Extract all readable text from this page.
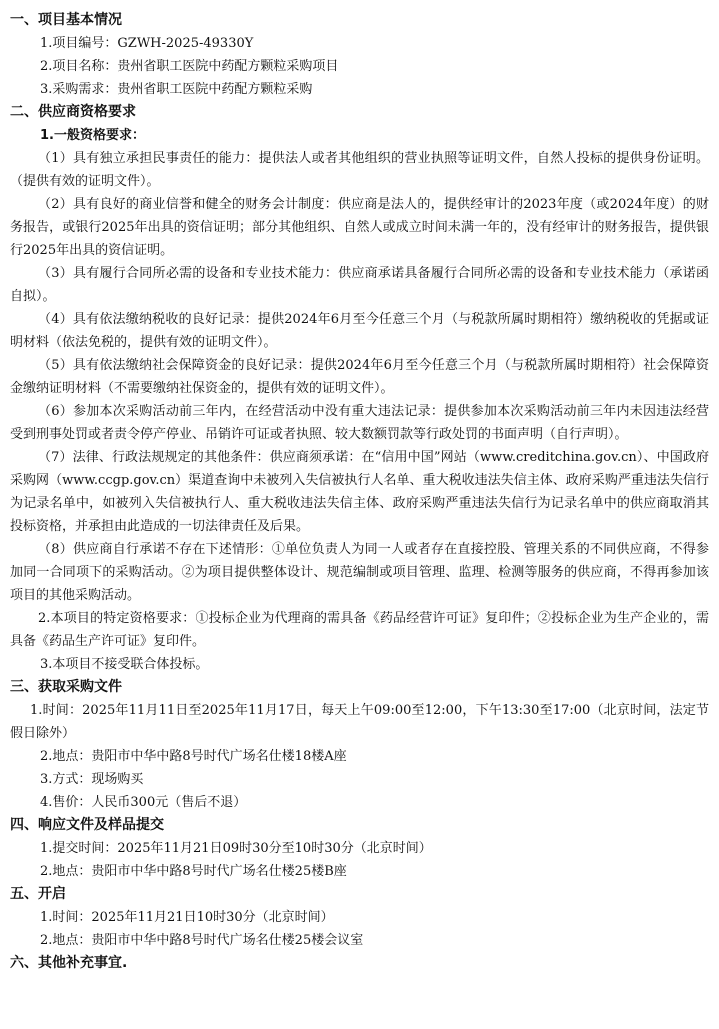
一、项目基本情况
1.项目编号：GZWH-2025-49330Y
2.项目名称：贵州省职工医院中药配方颗粒采购项目
3.采购需求：贵州省职工医院中药配方颗粒采购
二、供应商资格要求
1.一般资格要求：

（1）具有独立承担民事责任的能力：提供法人或者其他组织的营业执照等证明文件，自然人投标的提供身份证明。（提供有效的证明文件）。

（2）具有良好的商业信誉和健全的财务会计制度：供应商是法人的，提供经审计的2023年度（或2024年度）的财务报告，或银行2025年出具的资信证明；部分其他组织、自然人或成立时间未满一年的，没有经审计的财务报告，提供银行2025年出具的资信证明。

（3）具有履行合同所必需的设备和专业技术能力：供应商承诺具备履行合同所必需的设备和专业技术能力（承诺函自拟）。

（4）具有依法缴纳税收的良好记录：提供2024年6月至今任意三个月（与税款所属时期相符）缴纳税收的凭据或证明材料（依法免税的，提供有效的证明文件）。

（5）具有依法缴纳社会保障资金的良好记录：提供2024年6月至今任意三个月（与税款所属时期相符）社会保障资金缴纳证明材料（不需要缴纳社保资金的，提供有效的证明文件）。

（6）参加本次采购活动前三年内，在经营活动中没有重大违法记录：提供参加本次采购活动前三年内未因违法经营受到刑事处罚或者责令停产停业、吊销许可证或者执照、较大数额罚款等行政处罚的书面声明（自行声明）。

（7）法律、行政法规规定的其他条件：供应商须承诺：在“信用中国”网站（www.creditchina.gov.cn）、中国政府采购网（www.ccgp.gov.cn）渠道查询中未被列入失信被执行人名单、重大税收违法失信主体、政府采购严重违法失信行为记录名单中，如被列入失信被执行人、重大税收违法失信主体、政府采购严重违法失信行为记录名单中的供应商取消其投标资格，并承担由此造成的一切法律责任及后果。

（8）供应商自行承诺不存在下述情形：①单位负责人为同一人或者存在直接控股、管理关系的不同供应商，不得参加同一合同项下的采购活动。②为项目提供整体设计、规范编制或项目管理、监理、检测等服务的供应商，不得再参加该项目的其他采购活动。

2.本项目的特定资格要求：①投标企业为代理商的需具备《药品经营许可证》复印件；②投标企业为生产企业的，需具备《药品生产许可证》复印件。

3.本项目不接受联合体投标。
三、获取采购文件

1.时间：2025年11月11日至2025年11月17日，每天上午09:00至12:00，下午13:30至17:00（北京时间，法定节假日除外）

2.地点：贵阳市中华中路8号时代广场名仕楼18楼A座
3.方式：现场购买
4.售价：人民币300元（售后不退）
四、响应文件及样品提交
1.提交时间：2025年11月21日09时30分至10时30分（北京时间）
2.地点：贵阳市中华中路8号时代广场名仕楼25楼B座
五、开启
1.时间：2025年11月21日10时30分（北京时间）
2.地点：贵阳市中华中路8号时代广场名仕楼25楼会议室
六、其他补充事宜.
